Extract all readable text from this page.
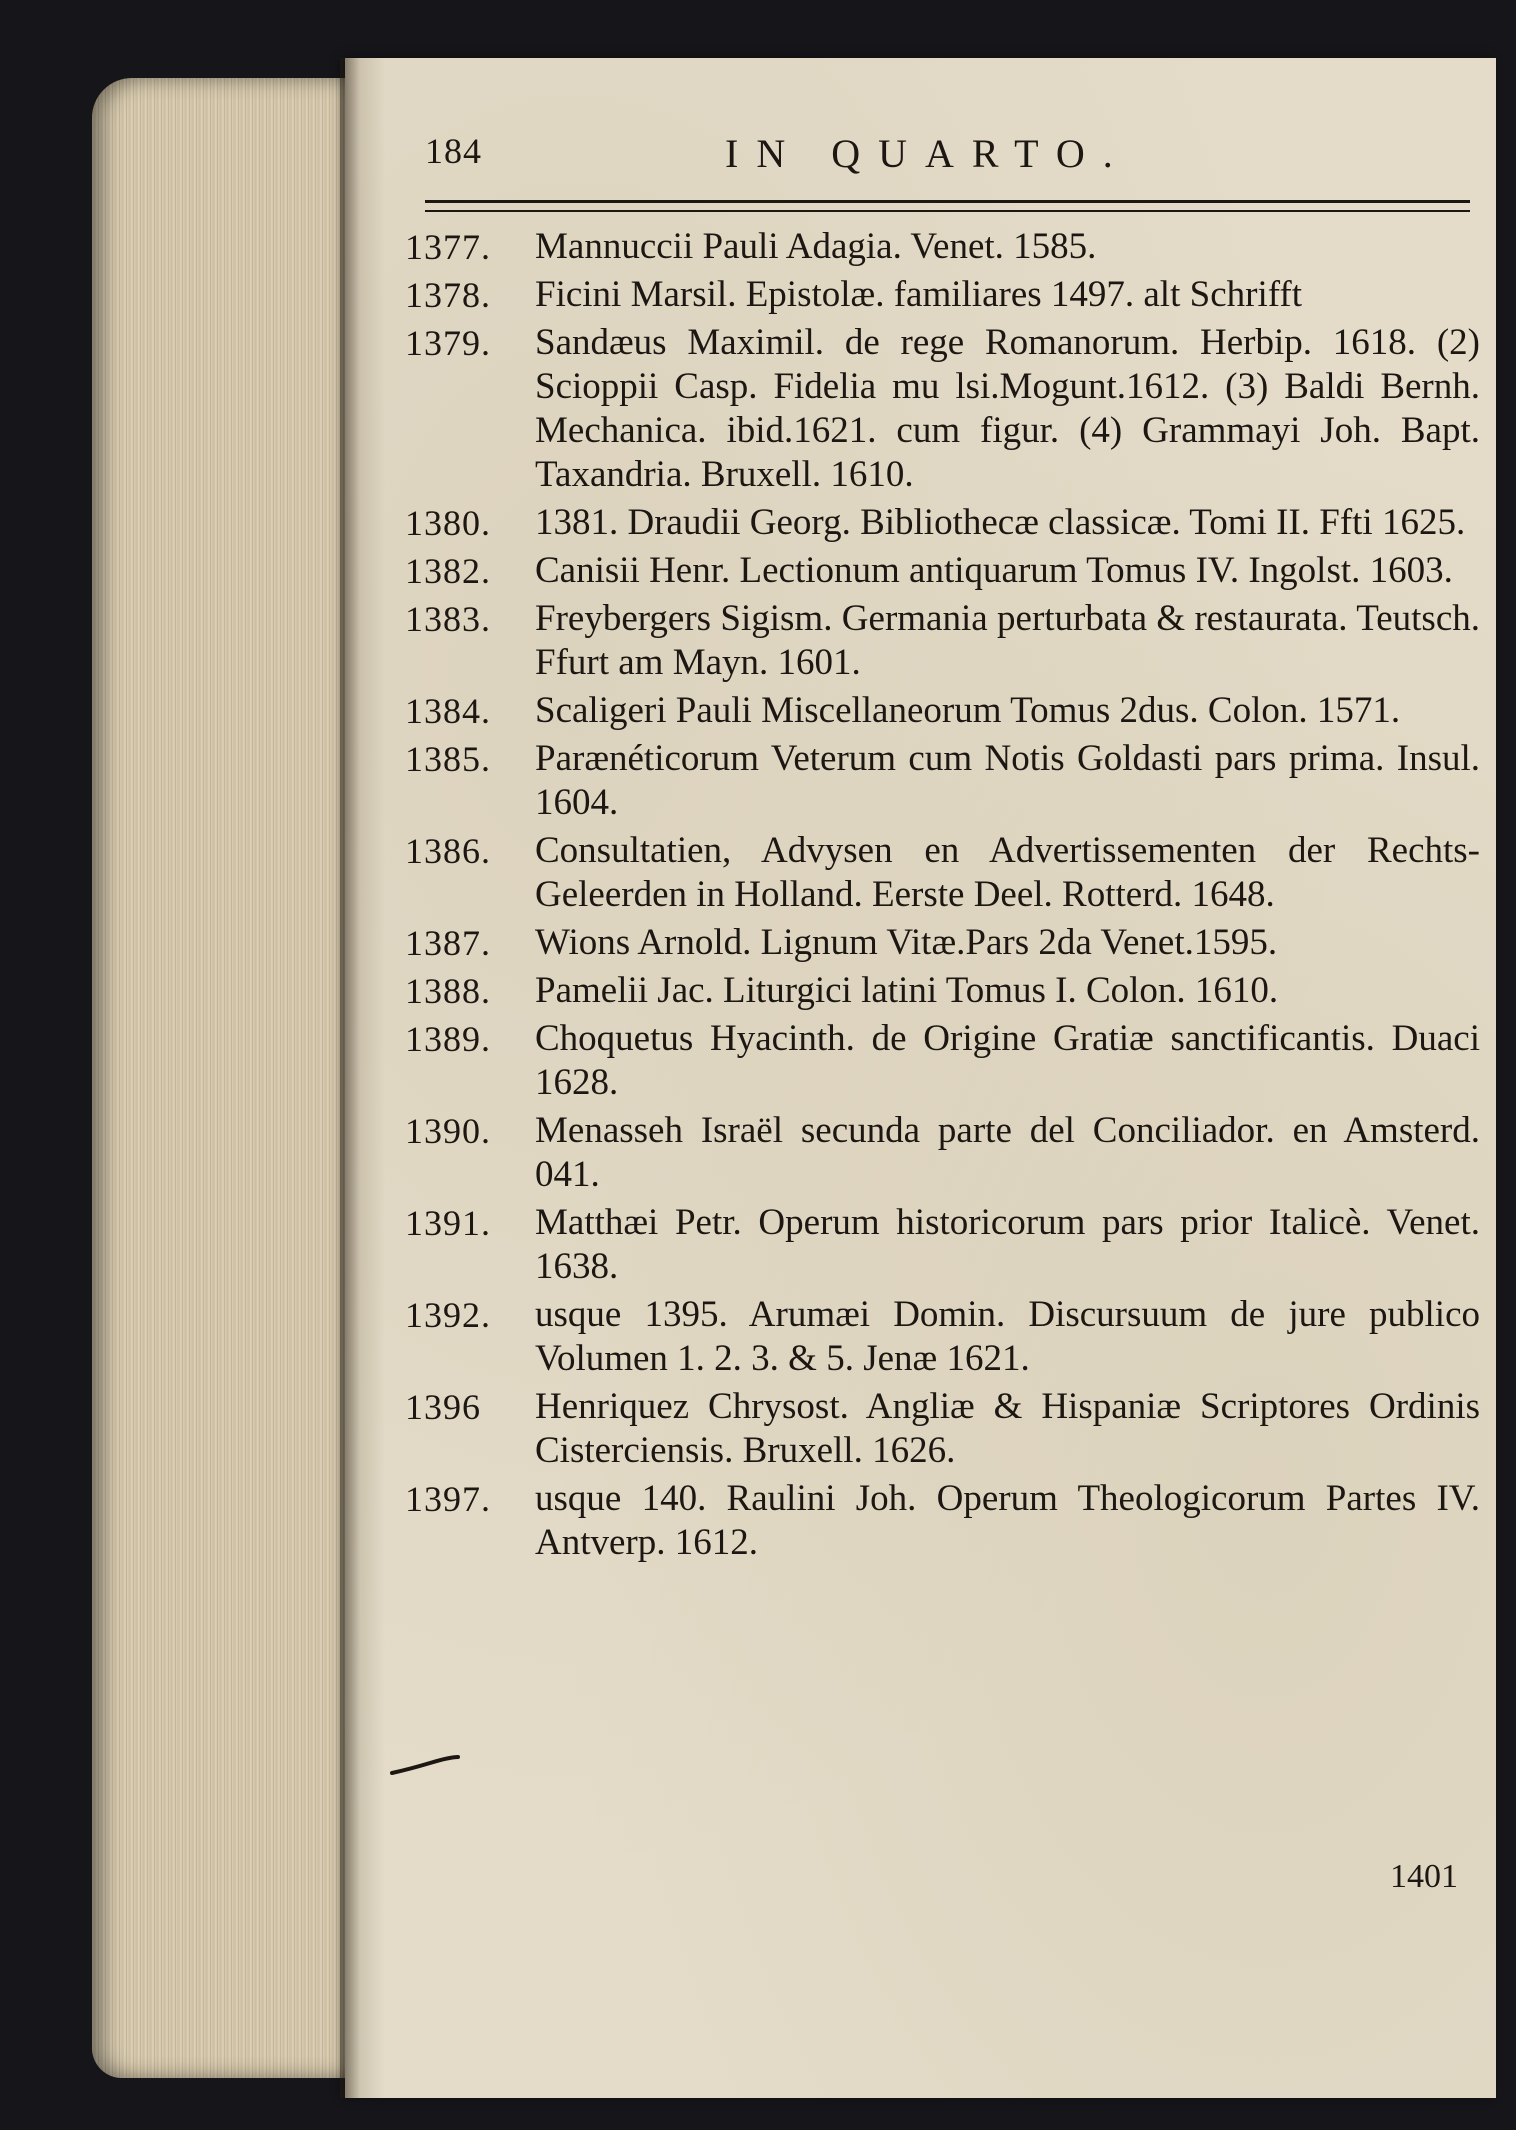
184	IN QUARTO.
1377.	Mannuccii Pauli Adagia. Venet. 1585.
1378.	Ficini Marsil. Epistolæ. familiares 1497. alt Schrifft
1379.	Sandæus Maximil. de rege Romanorum. Herbip. 1618. (2) Scioppii Casp. Fidelia mu lsi.Mogunt.1612. (3) Baldi Bernh. Mechanica. ibid.1621. cum figur. (4) Grammayi Joh. Bapt. Taxandria. Bruxell. 1610.
1380.	1381. Draudii Georg. Bibliothecæ classicæ. Tomi II. Ffti 1625.
1382.	Canisii Henr. Lectionum antiquarum Tomus IV. Ingolst. 1603.
1383.	Freybergers Sigism. Germania perturbata & restaurata. Teutsch. Ffurt am Mayn. 1601.
1384.	Scaligeri Pauli Miscellaneorum Tomus 2dus. Colon. 1571.
1385.	Parænéticorum Veterum cum Notis Goldasti pars prima. Insul. 1604.
1386.	Consultatien, Advysen en Advertissementen der Rechts-Geleerden in Holland. Eerste Deel. Rotterd. 1648.
1387.	Wions Arnold. Lignum Vitæ.Pars 2da Venet.1595.
1388.	Pamelii Jac. Liturgici latini Tomus I. Colon. 1610.
1389.	Choquetus Hyacinth. de Origine Gratiæ sanctificantis. Duaci 1628.
1390.	Menasseh Israël secunda parte del Conciliador. en Amsterd. 041.
1391.	Matthæi Petr. Operum historicorum pars prior Italicè. Venet. 1638.
1392.	usque 1395. Arumæi Domin. Discursuum de jure publico Volumen 1. 2. 3. & 5. Jenæ 1621.
1396	Henriquez Chrysost. Angliæ & Hispaniæ Scriptores Ordinis Cisterciensis. Bruxell. 1626.
1397.	usque 140. Raulini Joh. Operum Theologicorum Partes IV. Antverp. 1612.
1401
